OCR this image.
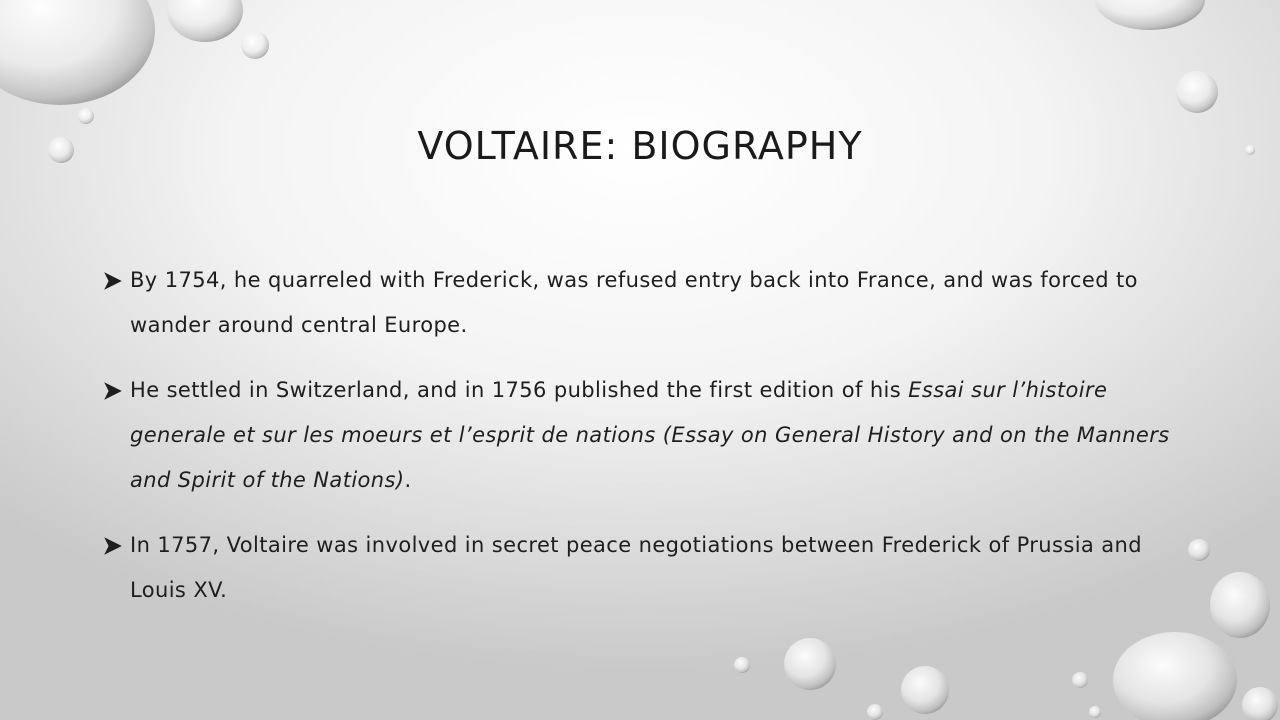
VOLTAIRE: BIOGRAPHY
By 1754, he quarreled with Frederick, was refused entry back into France, and was forced to wander around central Europe.
He settled in Switzerland, and in 1756 published the first edition of his Essai sur l’histoire generale et sur les moeurs et l’esprit de nations (Essay on General History and on the Manners and Spirit of the Nations).
In 1757, Voltaire was involved in secret peace negotiations between Frederick of Prussia and Louis XV.
